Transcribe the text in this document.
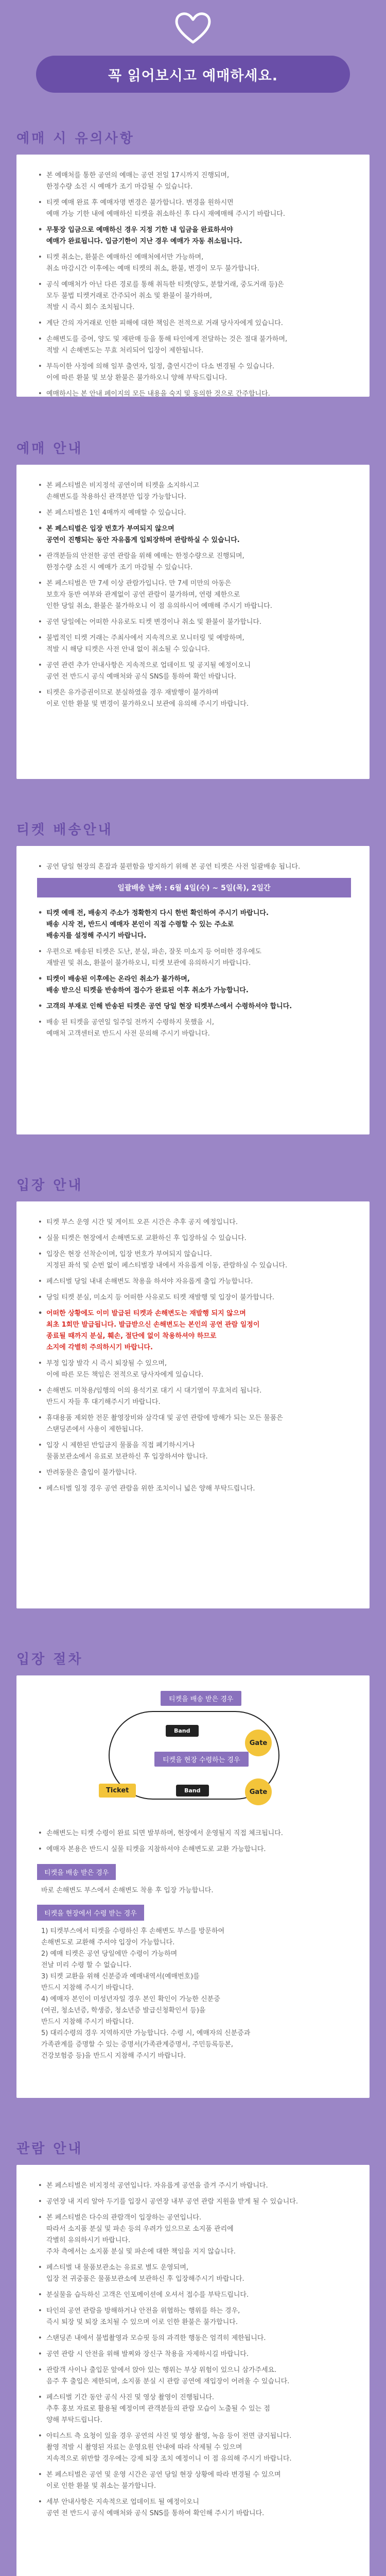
꼭 읽어보시고 예매하세요.
예매 시 유의사항
• 본 예매처를 통한 공연의 예매는 공연 전일 17시까지 진행되며,
한정수량 소진 시 예매가 조기 마감될 수 있습니다.
• 티켓 예매 완료 후 예매자명 변경은 불가합니다. 변경을 원하시면
예매 가능 기한 내에 예매하신 티켓을 취소하신 후 다시 재예매해 주시기 바랍니다.
• 무통장 입금으로 예매하신 경우 지정 기한 내 입금을 완료하셔야
예매가 완료됩니다. 입금기한이 지난 경우 예매가 자동 취소됩니다.
• 티켓 취소는, 환불은 예매하신 예매처에서만 가능하며,
취소 마감시간 이후에는 예매 티켓의 취소, 환불, 변경이 모두 불가합니다.
• 공식 예매처가 아닌 다른 경로를 통해 취득한 티켓(양도, 분할거래, 중도거래 등)은
모두 불법 티켓거래로 간주되어 취소 및 환불이 불가하며,
적발 시 즉시 회수 조치됩니다.
• 계단 간의 자거래로 인한 피해에 대한 책임은 전적으로 거래 당사자에게 있습니다.
• 손해변도를 증여, 양도 및 재판매 등을 통해 타인에게 전달하는 것은 절대 불가하며,
적발 시 손해변도는 무효 처리되어 입장이 제한됩니다.
• 부득이한 사정에 의해 일부 출연자, 일정, 출연시간이 다소 변경될 수 있습니다.
이에 따른 환불 및 보상 환불은 불가하오니 양해 부탁드립니다.
• 예매하시는 본 안내 페이지의 모든 내용을 숙지 및 동의한 것으로 간주합니다.
예매 안내
• 본 페스티벌은 비지정석 공연이며 티켓을 소지하시고
손해변도를 착용하신 관객분만 입장 가능합니다.
• 본 페스티벌은 1인 4매까지 예매할 수 있습니다.
• 본 페스티벌은 입장 번호가 부여되지 않으며
공연이 진행되는 동안 자유롭게 입퇴장하며 관람하실 수 있습니다.
• 관객분들의 안전한 공연 관람을 위해 예매는 한정수량으로 진행되며,
한정수량 소진 시 예매가 조기 마감될 수 있습니다.
• 본 페스티벌은 만 7세 이상 관람가입니다. 만 7세 미만의 아동은
보호자 동반 여부와 관계없이 공연 관람이 불가하며, 연령 제한으로
인한 당일 취소, 환불은 불가하오니 이 점 유의하시어 예매해 주시기 바랍니다.
• 공연 당일에는 어떠한 사유로도 티켓 변경이나 취소 및 환불이 불가합니다.
• 불법적인 티켓 거래는 주최사에서 지속적으로 모니터링 및 예방하며,
적발 시 해당 티켓은 사전 안내 없이 취소될 수 있습니다.
• 공연 관련 추가 안내사항은 지속적으로 업데이트 및 공지될 예정이오니
공연 전 반드시 공식 예매처와 공식 SNS를 통하여 확인 바랍니다.
• 티켓은 유가증권이므로 분실하였을 경우 재발행이 불가하며
이로 인한 환불 및 변경이 불가하오니 보관에 유의해 주시기 바랍니다.
티켓 배송안내
• 공연 당일 현장의 혼잡과 불편함을 방지하기 위해 본 공연 티켓은 사전 일괄배송 됩니다.
일괄배송 날짜 : 6월 4일(수) ~ 5일(목), 2일간
• 티켓 예매 전, 배송지 주소가 정확한지 다시 한번 확인하여 주시기 바랍니다.
배송 시작 전, 반드시 예매자 본인이 직접 수령할 수 있는 주소로
배송지를 설정해 주시기 바랍니다.
• 우편으로 배송된 티켓은 도난, 분실, 파손, 잘못 미소지 등 어떠한 경우에도
재발권 및 취소, 환불이 불가하오니, 티켓 보관에 유의하시기 바랍니다.
• 티켓이 배송된 이후에는 온라인 취소가 불가하며,
배송 받으신 티켓을 반송하여 접수가 완료된 이후 취소가 가능합니다.
• 고객의 부재로 인해 반송된 티켓은 공연 당일 현장 티켓부스에서 수령하셔야 합니다.
• 배송 된 티켓을 공연일 일주일 전까지 수령하지 못했을 시,
예매처 고객센터로 반드시 사전 문의해 주시기 바랍니다.
입장 안내
• 티켓 부스 운영 시간 및 게이트 오픈 시간은 추후 공지 예정입니다.
• 실물 티켓은 현장에서 손해변도로 교환하신 후 입장하실 수 있습니다.
• 입장은 현장 선착순이며, 입장 번호가 부여되지 않습니다.
지정된 좌석 및 순번 없이 페스티벌장 내에서 자유롭게 이동, 관람하실 수 있습니다.
• 페스티벌 당일 내내 손해변도 착용을 하셔야 자유롭게 출입 가능합니다.
• 당일 티켓 분실, 미소지 등 어떠한 사유로도 티켓 재발행 및 입장이 불가합니다.
• 어떠한 상황에도 이미 발급된 티켓과 손해변도는 재발행 되지 않으며
최초 1회만 발급됩니다. 발급받으신 손해변도는 본인의 공연 관람 일정이
종료될 때까지 분실, 훼손, 절단에 없이 착용하셔야 하므로
소지에 각별히 주의하시기 바랍니다.
• 부정 입장 발각 시 즉시 퇴장될 수 있으며,
이에 따른 모든 책임은 전적으로 당사자에게 있습니다.
• 손해변도 미착용/임행의 이의 용석기로 대기 시 대기열이 무효처리 됩니다.
반드시 자들 후 대기해주시기 바랍니다.
• 휴대용품 제외한 전문 촬영장비와 삼각대 및 공연 관람에 방해가 되는 모든 물품은
스탠딩존에서 사용이 제한됩니다.
• 입장 시 제한된 반입금지 물품을 직접 폐기하시거나
물품보관소에서 유료로 보관하신 후 입장하셔야 합니다.
• 반려동물은 출입이 불가합니다.
• 페스티벌 일정 경우 공연 관람을 위한 조치이니 넓은 양해 부탁드립니다.
입장 절차
티켓을 배송 받은 경우
Band
Gate
티켓을 현장 수령하는 경우
Ticket	Band	Gate
• 손해변도는 티켓 수령이 완료 되면 발부하며, 현장에서 운영될지 직접 체크됩니다.
• 예매자 본용은 반드시 실물 티켓을 지참하셔야 손해변도로 교환 가능합니다.
티켓을 배송 받은 경우
바로 손해변도 부스에서 손해변도 착용 후 입장 가능합니다.
티켓을 현장에서 수령 받는 경우
1) 티켓부스에서 티켓을 수령하신 후 손해변도 부스를 방문하여
손해변도로 교환해 주셔야 입장이 가능합니다.
2) 예매 티켓은 공연 당일에만 수령이 가능하며
전날 미리 수령 할 수 없습니다.
3) 티켓 교환을 위해 신분증과 예매내역서(예매번호)를
반드시 지참해 주시기 바랍니다.
4) 예매자 본인이 미성년자일 경우 본인 확인이 가능한 신분증
(여권, 청소년증, 학생증, 청소년증 발급신청확인서 등)을
반드시 지참해 주시기 바랍니다.
5) 대리수령의 경우 지역하지만 가능합니다. 수령 시, 예매자의 신분증과
가족관계를 증명할 수 있는 증명서(가족관계증명서, 주민등록등본,
건강보험증 등)을 반드시 지참해 주시기 바랍니다.
관람 안내
• 본 페스티벌은 비지정석 공연입니다. 자유롭게 공연을 즐겨 주시기 바랍니다.
• 공연장 내 지리 알아 두기를 입장시 공연장 내부 공연 관람 지원을 받게 될 수 있습니다.
• 본 페스티벌은 다수의 관람객이 입장하는 공연입니다.
따라서 소지품 분실 및 파손 등의 우려가 있으므로 소지품 관리에
각별히 유의하시기 바랍니다.
주차 측에서는 소지품 분실 및 파손에 대한 책임을 지지 않습니다.
• 페스티벌 내 물품보관소는 유료로 별도 운영되며,
입장 전 귀중품은 물품보관소에 보관하신 후 입장해주시기 바랍니다.
• 분실물을 습득하신 고객은 인포메이션에 오셔서 접수를 부탁드립니다.
• 타인의 공연 관람을 방해하거나 안전을 위협하는 행위를 하는 경우,
즉시 퇴장 및 퇴장 조치될 수 있으며 이로 인한 환불은 불가합니다.
• 스탠딩존 내에서 불법촬영과 모슈핏 등의 과격한 행동은 엄격히 제한됩니다.
• 공연 관람 시 안전을 위해 발찌와 장신구 착용을 자제하시길 바랍니다.
• 관람객 사이나 출입문 앞에서 앉아 있는 행위는 부상 위험이 있으니 삼가주세요.
음주 후 출입은 제한되며, 소지품 분실 시 관람 공연에 재입장이 어려울 수 있습니다.
• 페스티벌 기간 동안 공식 사진 및 영상 촬영이 진행됩니다.
추후 홍보 자료로 활용될 예정이며 관객분들의 관람 모습이 노출될 수 있는 점
양해 부탁드립니다.
• 아티스트 측 요청이 있을 경우 공연의 사진 및 영상 촬영, 녹음 등이 전면 금지됩니다.
촬영 적발 시 촬영된 자료는 운영요원 안내에 따라 삭제될 수 있으며
지속적으로 위반할 경우에는 강제 퇴장 조치 예정이니 이 점 유의해 주시기 바랍니다.
• 본 페스티벌은 공연 및 운영 시간은 공연 당일 현장 상황에 따라 변경될 수 있으며
이로 인한 환불 및 취소는 불가합니다.
• 세부 안내사항은 지속적으로 업데이트 될 예정이오니
공연 전 반드시 공식 예매처와 공식 SNS를 통하여 확인해 주시기 바랍니다.
